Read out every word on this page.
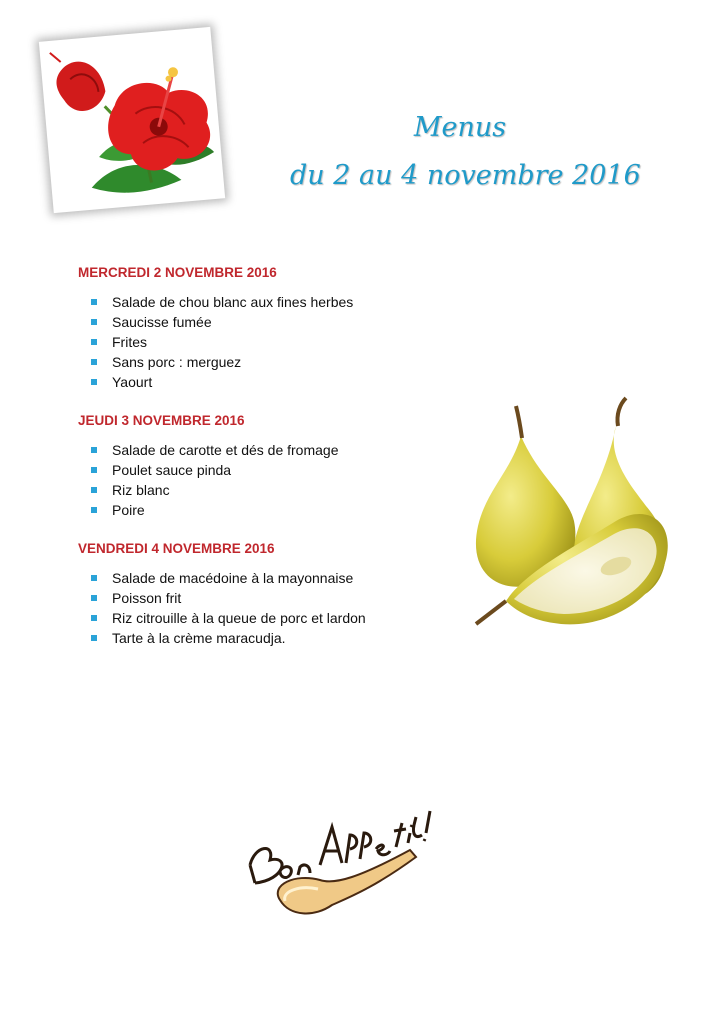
Menus
du 2 au 4 novembre 2016
MERCREDI 2 NOVEMBRE 2016
Salade de chou blanc aux fines herbes
Saucisse fumée
Frites
Sans porc : merguez
Yaourt
JEUDI 3 NOVEMBRE 2016
Salade de carotte et dés de fromage
Poulet sauce pinda
Riz blanc
Poire
VENDREDI 4 NOVEMBRE 2016
Salade de macédoine à la mayonnaise
Poisson frit
Riz citrouille à la queue de porc et lardon
Tarte à la crème maracudja.
